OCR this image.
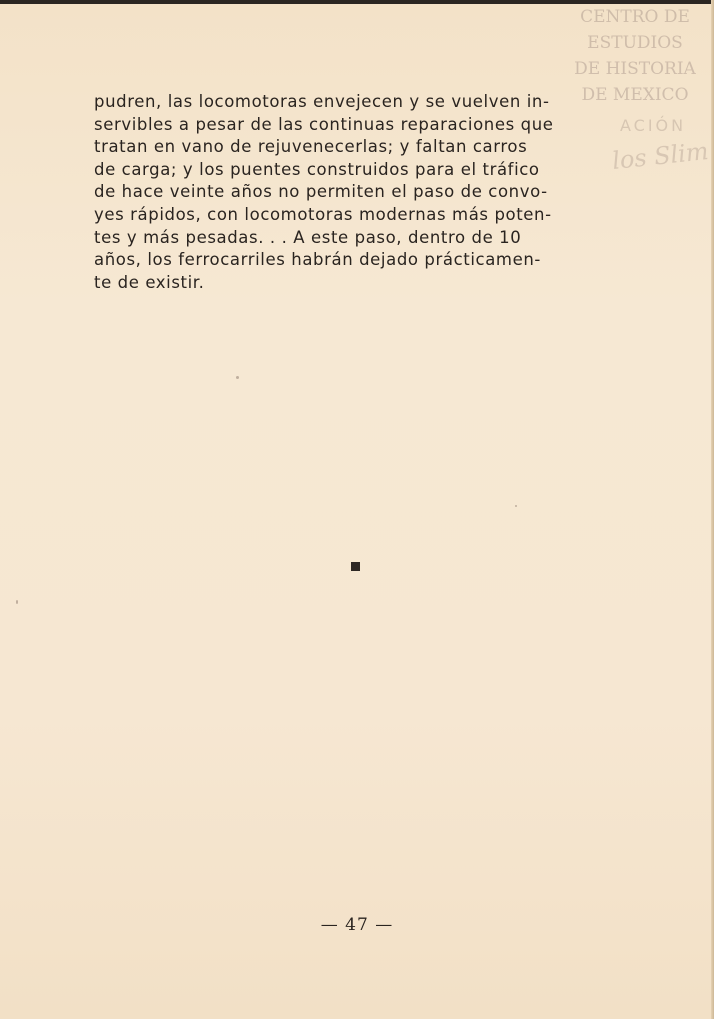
CENTRO DE
ESTUDIOS
DE HISTORIA
DE MEXICO
ACIÓN
los Slim
pudren, las locomotoras envejecen y se vuelven in-
servibles a pesar de las continuas reparaciones que
tratan en vano de rejuvenecerlas; y faltan carros
de carga; y los puentes construidos para el tráfico
de hace veinte años no permiten el paso de convo-
yes rápidos, con locomotoras modernas más poten-
tes y más pesadas. . . A este paso, dentro de 10
años, los ferrocarriles habrán dejado prácticamen-
te de existir.
— 47 —
